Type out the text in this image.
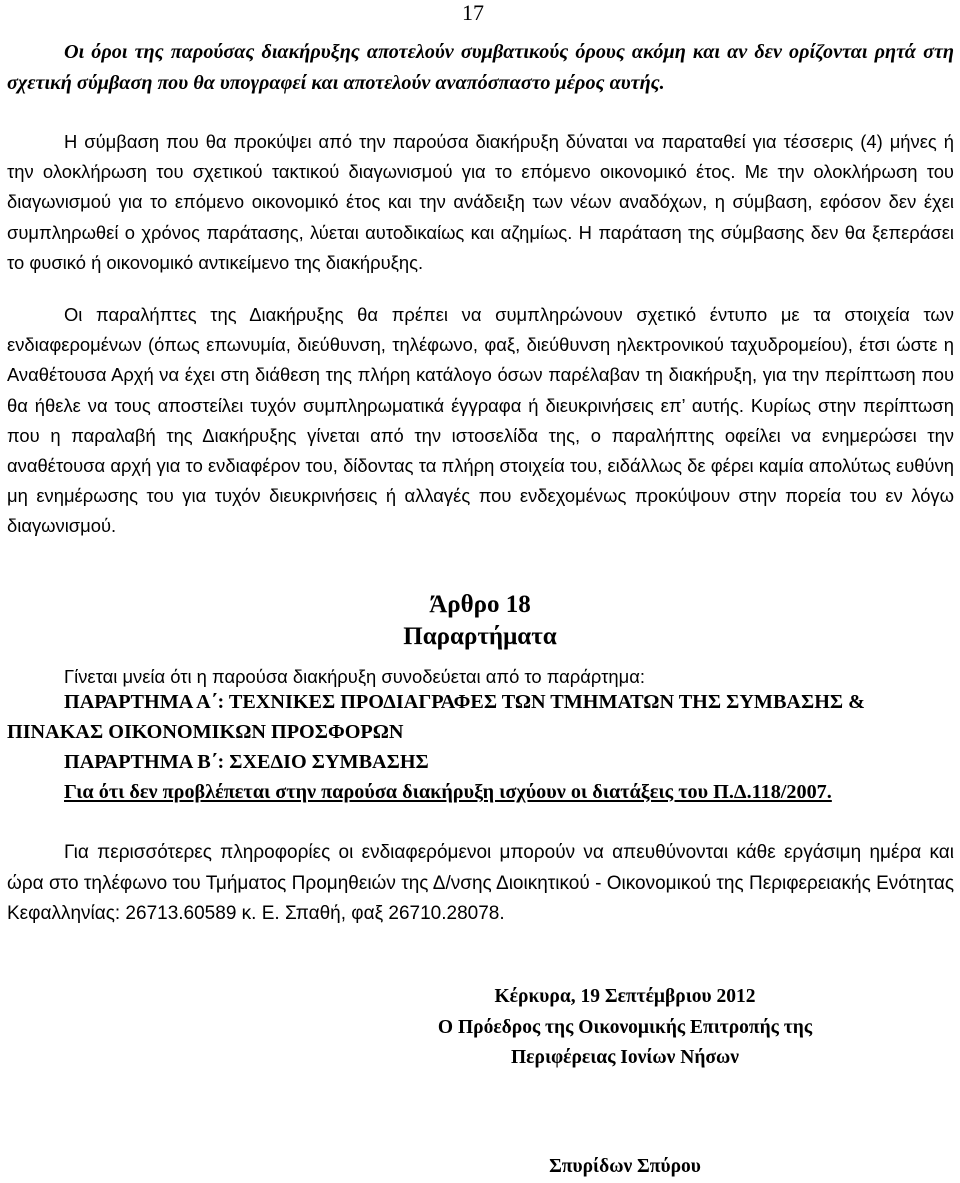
17

Οι όροι της παρούσας διακήρυξης αποτελούν συμβατικούς όρους ακόμη και αν δεν ορίζονται ρητά στη σχετική σύμβαση που θα υπογραφεί και αποτελούν αναπόσπαστο μέρος αυτής.

Η σύμβαση που θα προκύψει από την παρούσα διακήρυξη δύναται να παραταθεί για τέσσερις (4) μήνες ή την ολοκλήρωση του σχετικού τακτικού διαγωνισμού για το επόμενο οικονομικό έτος. Με την ολοκλήρωση του διαγωνισμού για το επόμενο οικονομικό έτος και την ανάδειξη των νέων αναδόχων, η σύμβαση, εφόσον δεν έχει συμπληρωθεί ο χρόνος παράτασης, λύεται αυτοδικαίως και αζημίως. Η παράταση της σύμβασης δεν θα ξεπεράσει το φυσικό ή οικονομικό αντικείμενο της διακήρυξης.

Οι παραλήπτες της Διακήρυξης θα πρέπει να συμπληρώνουν σχετικό έντυπο με τα στοιχεία των ενδιαφερομένων (όπως επωνυμία, διεύθυνση, τηλέφωνο, φαξ, διεύθυνση ηλεκτρονικού ταχυδρομείου), έτσι ώστε η Αναθέτουσα Αρχή να έχει στη διάθεση της πλήρη κατάλογο όσων παρέλαβαν τη διακήρυξη, για την περίπτωση που θα ήθελε να τους αποστείλει τυχόν συμπληρωματικά έγγραφα ή διευκρινήσεις επ’ αυτής. Κυρίως στην περίπτωση που η παραλαβή της Διακήρυξης γίνεται από την ιστοσελίδα της, ο παραλήπτης οφείλει να ενημερώσει την αναθέτουσα αρχή για το ενδιαφέρον του, δίδοντας τα πλήρη στοιχεία του, ειδάλλως δε φέρει καμία απολύτως ευθύνη μη ενημέρωσης του για τυχόν διευκρινήσεις ή αλλαγές που ενδεχομένως προκύψουν στην πορεία του εν λόγω διαγωνισμού.

Άρθρο 18
Παραρτήματα

Γίνεται μνεία ότι η παρούσα διακήρυξη συνοδεύεται από το παράρτημα:

ΠΑΡΑΡΤΗΜΑ Α΄: ΤΕΧΝΙΚΕΣ ΠΡΟΔΙΑΓΡΑΦΕΣ ΤΩΝ ΤΜΗΜΑΤΩΝ ΤΗΣ ΣΥΜΒΑΣΗΣ & ΠΙΝΑΚΑΣ ΟΙΚΟΝΟΜΙΚΩΝ ΠΡΟΣΦΟΡΩΝ

ΠΑΡΑΡΤΗΜΑ Β΄: ΣΧΕΔΙΟ ΣΥΜΒΑΣΗΣ

Για ότι δεν προβλέπεται στην παρούσα διακήρυξη ισχύουν οι διατάξεις του Π.Δ.118/2007.

Για περισσότερες πληροφορίες οι ενδιαφερόμενοι μπορούν να απευθύνονται κάθε εργάσιμη ημέρα και ώρα στο τηλέφωνο του Τμήματος Προμηθειών της Δ/νσης Διοικητικού - Οικονομικού της Περιφερειακής Ενότητας Κεφαλληνίας: 26713.60589 κ. Ε. Σπαθή, φαξ 26710.28078.

Κέρκυρα, 19 Σεπτέμβριου 2012
Ο Πρόεδρος της Οικονομικής Επιτροπής της
Περιφέρειας Ιονίων Νήσων
Σπυρίδων Σπύρου
